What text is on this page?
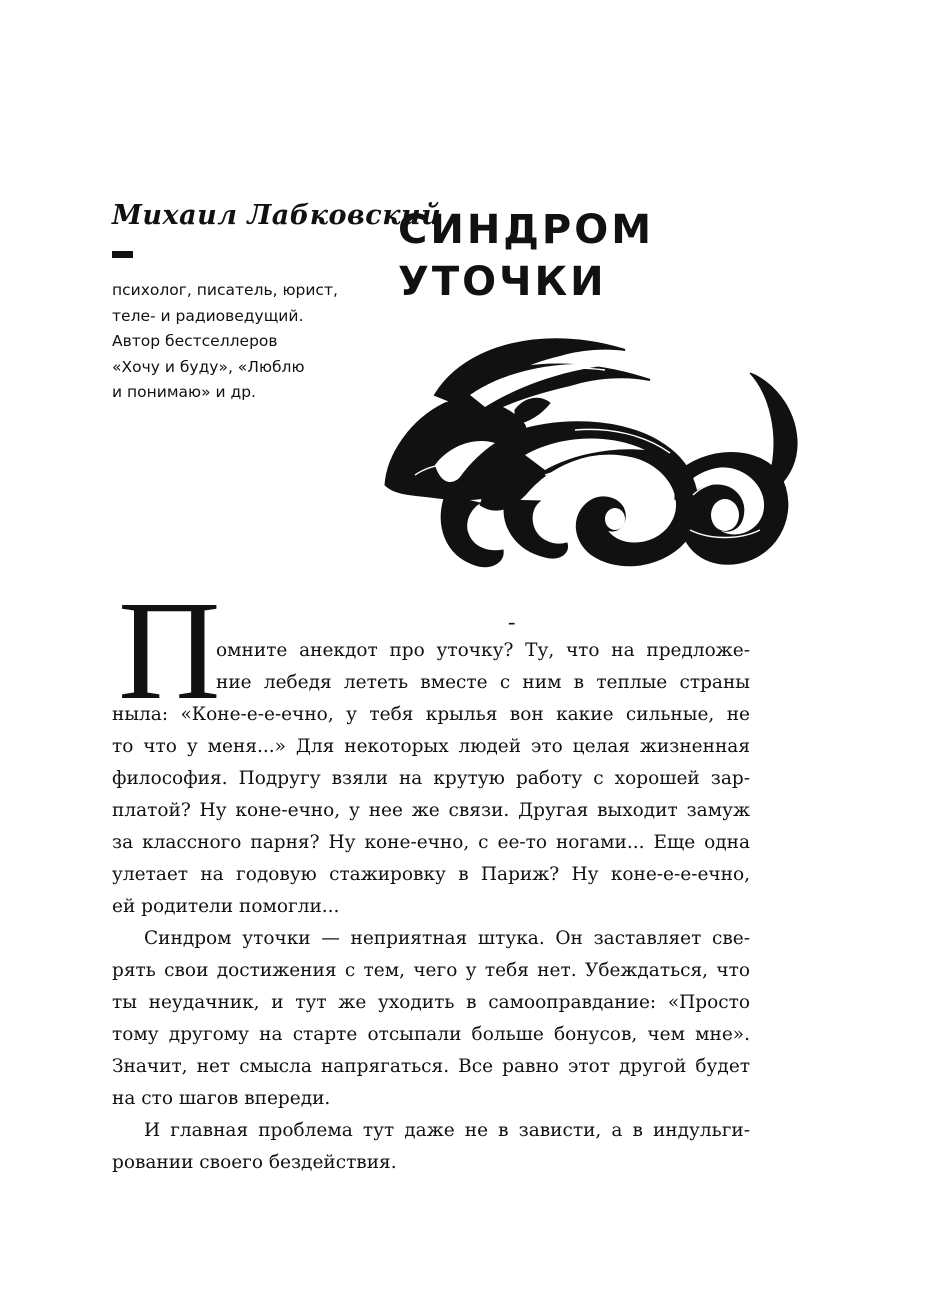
Михаил Лабковский
психолог, писатель, юрист,
теле- и радиоведущий.
Автор бестселлеров
«Хочу и буду», «Люблю
и понимаю» и др.
СИНДРОМ
УТОЧКИ
-
П
омните анекдот про уточку? Ту, что на предложе-
ние лебедя лететь вместе с ним в теплые страны
ныла: «Коне-е-е-ечно, у тебя крылья вон какие сильные, не
то что у меня...» Для некоторых людей это целая жизненная
философия. Подругу взяли на крутую работу с хорошей зар-
платой? Ну коне-ечно, у нее же связи. Другая выходит замуж
за классного парня? Ну коне-ечно, с ее-то ногами... Еще одна
улетает на годовую стажировку в Париж? Ну коне-е-е-ечно,
ей родители помогли...
Синдром уточки — неприятная штука. Он заставляет све-
рять свои достижения с тем, чего у тебя нет. Убеждаться, что
ты неудачник, и тут же уходить в самооправдание: «Просто
тому другому на старте отсыпали больше бонусов, чем мне».
Значит, нет смысла напрягаться. Все равно этот другой будет
на сто шагов впереди.
И главная проблема тут даже не в зависти, а в индульги-
ровании своего бездействия.
